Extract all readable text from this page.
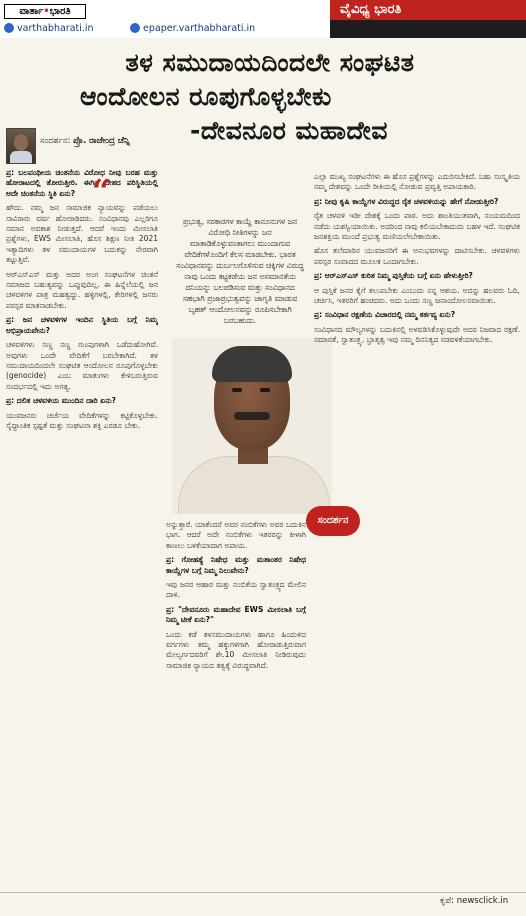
ವಾರ್ತಾ•ಭಾರತಿ
varthabharati.in	epaper.varthabharati.in
ವೈವಿಧ್ಯ ಭಾರತಿ
ತಳ ಸಮುದಾಯದಿಂದಲೇ ಸಂಘಟಿತ
ಆಂದೋಲನ ರೂಪುಗೊಳ್ಳಬೇಕು
-ದೇವನೂರ ಮಹಾದೇವ
ಸಂದರ್ಶನ: ಪ್ರೊ. ರಾಜೇಂದ್ರ ಚೆನ್ನಿ

ಪ್ರ: ಬಲಪಂಥೀಯ ಚಿಂತನೆಯ ವಿರೋಧ ನೀವು ಬರಹ ಮತ್ತು ಹೋರಾಟದಲ್ಲಿ ತೋರುತ್ತೀರಿ. ಈಗಿನ ದೇಶದ ಪರಿಸ್ಥಿತಿಯಲ್ಲಿ ಅದೇ ಚಿಂತನೆಯ ಸ್ಥಿತಿ ಏನು?

ಹೌದು. ನಮ್ಮ ಜನ ಸಾಮಾಜಿಕ ನ್ಯಾಯವನ್ನು ಪಡೆಯಲು ಸಾವಿರಾರು ವರ್ಷ ಹೋರಾಡಿದರು. ಸಂವಿಧಾನವು ಎಲ್ಲರಿಗೂ ಸಮಾನ ಅವಕಾಶ ನೀಡುತ್ತದೆ. ಆದರೆ ಇಂದು ಮೀಸಲಾತಿ ಪ್ರಶ್ನೆಗಳು, EWS ಮೀಸಲಾತಿ, ಹೊಸ ಶಿಕ್ಷಣ ನೀತಿ 2021 ಇತ್ಯಾದಿಗಳು ತಳ ಸಮುದಾಯಗಳ ಬದುಕನ್ನು ನೇರವಾಗಿ ತಟ್ಟುತ್ತಿವೆ.

ಆರ್‌ಎಸ್‌ಎಸ್ ಮತ್ತು ಅದರ ಅಂಗ ಸಂಘಟನೆಗಳ ಚಿಂತನೆ ಸಮಾಜದ ಬಹುತ್ವವನ್ನು ಒಪ್ಪುವುದಿಲ್ಲ. ಈ ಹಿನ್ನೆಲೆಯಲ್ಲಿ ಜನ ಚಳವಳಿಗಳ ಪಾತ್ರ ಮಹತ್ವದ್ದು. ಹಳ್ಳಿಗಳಲ್ಲಿ, ಕೇರಿಗಳಲ್ಲಿ ಜನರು ಪರಸ್ಪರ ಮಾತನಾಡಬೇಕು.

ಪ್ರ: ಜನ ಚಳವಳಿಗಳ ಇಂದಿನ ಸ್ಥಿತಿಯ ಬಗ್ಗೆ ನಿಮ್ಮ ಅಭಿಪ್ರಾಯವೇನು?

ಚಳವಳಿಗಳು ಸಣ್ಣ ಸಣ್ಣ ಗುಂಪುಗಳಾಗಿ ಒಡೆದುಹೋಗಿವೆ. ಅವುಗಳು ಒಂದೇ ವೇದಿಕೆಗೆ ಬರಬೇಕಾಗಿದೆ. ತಳ ಸಮುದಾಯದಿಂದಲೇ ಸಂಘಟಿತ ಆಂದೋಲನ ರೂಪುಗೊಳ್ಳಬೇಕು (genocide) ಎಂಬ ಮಾತುಗಳು ಕೇಳಿಬರುತ್ತಿರುವ ಸಂದರ್ಭದಲ್ಲಿ ಇದು ಅಗತ್ಯ.

ಪ್ರ: ದಲಿತ ಚಳವಳಿಯ ಮುಂದಿನ ದಾರಿ ಏನು?

ಯುವಜನರು ಚರ್ಚೆಯ ವೇದಿಕೆಗಳನ್ನು ಕಟ್ಟಿಕೊಳ್ಳಬೇಕು. ಸೈದ್ಧಾಂತಿಕ ಸ್ಪಷ್ಟತೆ ಮತ್ತು ಸಂಘಟನಾ ಶಕ್ತಿ ಎರಡೂ ಬೇಕು.

“
ಪ್ರಭುತ್ವ, ಸರಕಾರಗಳ ಕಾಯ್ದೆ ಕಾನೂನುಗಳ ಜನ ವಿರೋಧಿ ನೀತಿಗಳನ್ನು ಜನ ಮಾತಾಡಿಕೊಳ್ಳುವಂತಾಗಲು ಮುಂದಾಗುವ ವೇದಿಕೆಗಳೊಂದಿಗೆ ಕೆಲಸ ಮಾಡಬೇಕು. ಭಾರತ ಸಂವಿಧಾನವನ್ನು ದುರ್ಬಲಗೊಳಿಸುವ ಚಿಕ್ಕಿಗಳ ವಿರುದ್ಧ ನಾವು ಒಂದು ಕಟ್ಟಕಡೆಯ ಜನ ಅಸಮಾನತೆಯ ದನಿಯನ್ನು ಬಲಪಡಿಸುವ ಮತ್ತು ಸಂವಿಧಾನದ ಸಹಭಾಗಿ ಪ್ರಜಾಪ್ರಭುತ್ವವನ್ನು ಜಾಗೃತಿ ಮಾಡುವ ಬೃಹತ್ ಆಂದೋಲನವನ್ನು ರೂಪಿಸಬೇಕಾಗಿ ಬರಬಹುದು.
ಸಂದರ್ಶನ

ಅನ್ನುತ್ತಾರೆ. ಯಾಕೆಂದರೆ ಅವರ ನಂಬಿಕೆಗಳು ಅವರ ಬದುಕಿನ ಭಾಗ. ಆದರೆ ಅದೇ ನಂಬಿಕೆಗಳು ಇತರರನ್ನು ಕೀಳಾಗಿ ಕಾಣಲು ಬಳಕೆಯಾದಾಗ ಅಪಾಯ.

ಪ್ರ: ಗೋಹತ್ಯೆ ನಿಷೇಧ ಮತ್ತು ಮತಾಂತರ ನಿಷೇಧ ಕಾಯ್ದೆಗಳ ಬಗ್ಗೆ ನಿಮ್ಮ ನಿಲುವೇನು?

ಇವು ಜನರ ಆಹಾರ ಮತ್ತು ನಂಬಿಕೆಯ ಸ್ವಾತಂತ್ರ್ಯದ ಮೇಲಿನ ದಾಳಿ.

ಪ್ರ: "ದೇವನೂರು ಮಹಾದೇವ EWS ಮೀಸಲಾತಿ ಬಗ್ಗೆ ನಿಮ್ಮ ಟೀಕೆ ಏನು?"

ಒಂದು ಕಡೆ ತಳಸಮುದಾಯಗಳು ಹಾಗೂ ಹಿಂದುಳಿದ ವರ್ಗಗಳು ತಮ್ಮ ಹಕ್ಕುಗಳಿಗಾಗಿ ಹೋರಾಡುತ್ತಿರುವಾಗ ಮೇಲ್ವರ್ಗದವರಿಗೆ ಶೇ.10 ಮೀಸಲಾತಿ ನೀಡಿರುವುದು ಸಾಮಾಜಿಕ ನ್ಯಾಯದ ತತ್ವಕ್ಕೆ ವಿರುದ್ಧವಾಗಿದೆ.

ಎಲ್ಲಾ ಮುಖ್ಯ ಸಂಘಟನೆಗಳು ಈ ಹೊಸ ಪ್ರಶ್ನೆಗಳನ್ನು ಎದುರಿಸಬೇಕಿದೆ. ಬಹು ಸಂಸ್ಕೃತಿಯ ನಮ್ಮ ದೇಶವನ್ನು ಒಂದೇ ರೀತಿಯಲ್ಲಿ ನೋಡುವ ಪ್ರವೃತ್ತಿ ಅಪಾಯಕಾರಿ.

ಪ್ರ: ನೀವು ಕೃಷಿ ಕಾಯ್ದೆಗಳ ವಿರುದ್ಧದ ರೈತ ಚಳವಳಿಯನ್ನು ಹೇಗೆ ನೋಡುತ್ತೀರಿ?

ರೈತ ಚಳವಳಿ ಇಡೀ ದೇಶಕ್ಕೆ ಒಂದು ಪಾಠ. ಅದು ಶಾಂತಿಯುತವಾಗಿ, ಸಂಯಮದಿಂದ ನಡೆದು ಯಶಸ್ವಿಯಾಯಿತು. ಅದರಿಂದ ನಾವು ಕಲಿಯಬೇಕಾದುದು ಬಹಳ ಇದೆ. ಸಂಘಟಿತ ಜನಶಕ್ತಿಯ ಮುಂದೆ ಪ್ರಭುತ್ವ ಮಣಿಯಲೇಬೇಕಾಯಿತು.

ಹೊಸ ತಲೆಮಾರಿನ ಯುವಜನರಿಗೆ ಈ ಅನುಭವಗಳನ್ನು ದಾಟಿಸಬೇಕು. ಚಳವಳಿಗಳು ಪರಸ್ಪರ ಸಂವಾದದ ಮೂಲಕ ಒಂದಾಗಬೇಕು.

ಪ್ರ: ಆರ್‌ಎಸ್‌ಎಸ್ ಕುರಿತ ನಿಮ್ಮ ಪುಸ್ತಿಕೆಯ ಬಗ್ಗೆ ಏನು ಹೇಳುತ್ತೀರಿ?

ಆ ಪುಸ್ತಿಕೆ ಜನರ ಕೈಗೆ ತಲುಪಬೇಕು ಎಂಬುದು ನನ್ನ ಆಶಯ. ಅದನ್ನು ಹಲವರು ಓದಿ, ಚರ್ಚಿಸಿ, ಇತರರಿಗೆ ಹಂಚಿದರು. ಅದು ಒಂದು ಸಣ್ಣ ಜನಾಂದೋಲನವಾಯಿತು.

ಪ್ರ: ಸಂವಿಧಾನ ರಕ್ಷಣೆಯ ವಿಚಾರದಲ್ಲಿ ನಮ್ಮ ಕರ್ತವ್ಯ ಏನು?

ಸಂವಿಧಾನದ ಮೌಲ್ಯಗಳನ್ನು ಬದುಕಿನಲ್ಲಿ ಅಳವಡಿಸಿಕೊಳ್ಳುವುದೇ ಅದರ ನಿಜವಾದ ರಕ್ಷಣೆ. ಸಮಾನತೆ, ಸ್ವಾತಂತ್ರ್ಯ, ಭ್ರಾತೃತ್ವ ಇವು ನಮ್ಮ ದಿನನಿತ್ಯದ ನಡವಳಿಕೆಯಾಗಬೇಕು.

ಕೃಪೆ: newsclick.in
